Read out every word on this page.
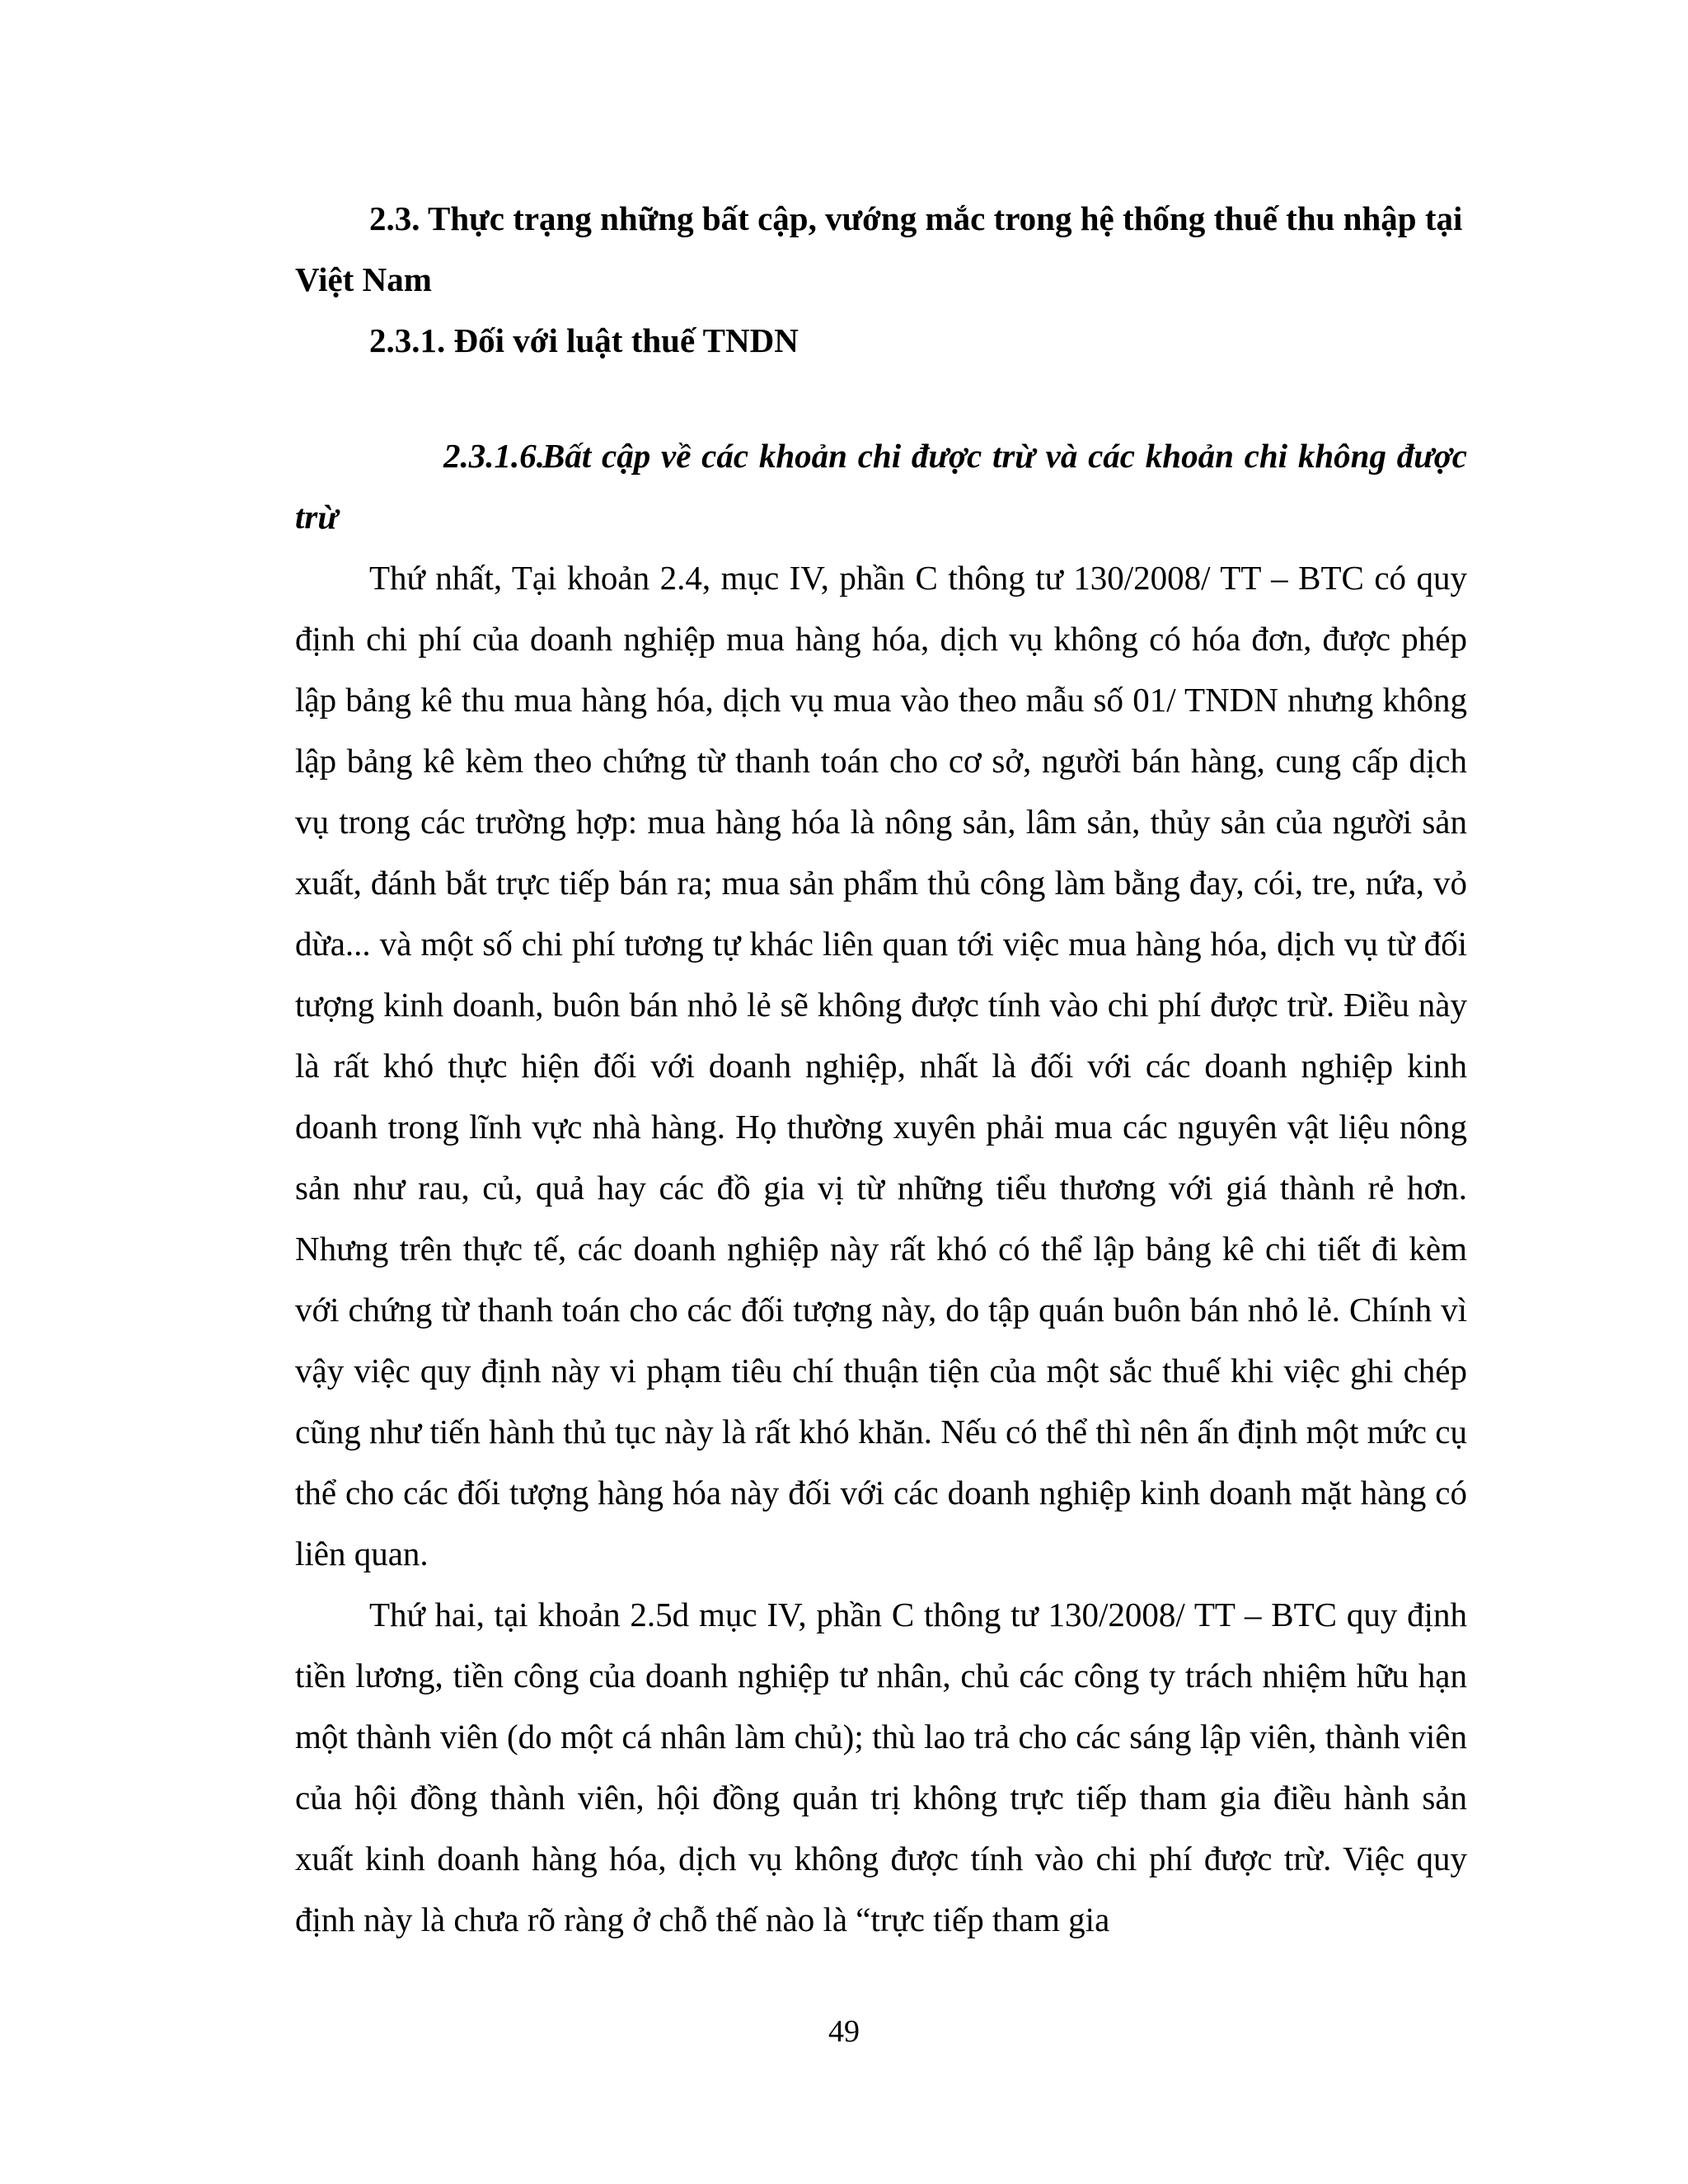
2.3. Thực trạng những bất cập, vướng mắc trong hệ thống thuế thu nhập tại Việt Nam
2.3.1. Đối với luật thuế TNDN
2.3.1.6.Bất cập về các khoản chi được trừ và các khoản chi không được trừ

Thứ nhất, Tại khoản 2.4, mục IV, phần C thông tư 130/2008/ TT – BTC có quy định chi phí của doanh nghiệp mua hàng hóa, dịch vụ không có hóa đơn, được phép lập bảng kê thu mua hàng hóa, dịch vụ mua vào theo mẫu số 01/ TNDN nhưng không lập bảng kê kèm theo chứng từ thanh toán cho cơ sở, người bán hàng, cung cấp dịch vụ trong các trường hợp: mua hàng hóa là nông sản, lâm sản, thủy sản của người sản xuất, đánh bắt trực tiếp bán ra; mua sản phẩm thủ công làm bằng đay, cói, tre, nứa, vỏ dừa... và một số chi phí tương tự khác liên quan tới việc mua hàng hóa, dịch vụ từ đối tượng kinh doanh, buôn bán nhỏ lẻ sẽ không được tính vào chi phí được trừ. Điều này là rất khó thực hiện đối với doanh nghiệp, nhất là đối với các doanh nghiệp kinh doanh trong lĩnh vực nhà hàng. Họ thường xuyên phải mua các nguyên vật liệu nông sản như rau, củ, quả hay các đồ gia vị từ những tiểu thương với giá thành rẻ hơn. Nhưng trên thực tế, các doanh nghiệp này rất khó có thể lập bảng kê chi tiết đi kèm với chứng từ thanh toán cho các đối tượng này, do tập quán buôn bán nhỏ lẻ. Chính vì vậy việc quy định này vi phạm tiêu chí thuận tiện của một sắc thuế khi việc ghi chép cũng như tiến hành thủ tục này là rất khó khăn. Nếu có thể thì nên ấn định một mức cụ thể cho các đối tượng hàng hóa này đối với các doanh nghiệp kinh doanh mặt hàng có liên quan.

Thứ hai, tại khoản 2.5d mục IV, phần C thông tư 130/2008/ TT – BTC quy định tiền lương, tiền công của doanh nghiệp tư nhân, chủ các công ty trách nhiệm hữu hạn một thành viên (do một cá nhân làm chủ); thù lao trả cho các sáng lập viên, thành viên của hội đồng thành viên, hội đồng quản trị không trực tiếp tham gia điều hành sản xuất kinh doanh hàng hóa, dịch vụ không được tính vào chi phí được trừ. Việc quy định này là chưa rõ ràng ở chỗ thế nào là “trực tiếp tham gia

49
